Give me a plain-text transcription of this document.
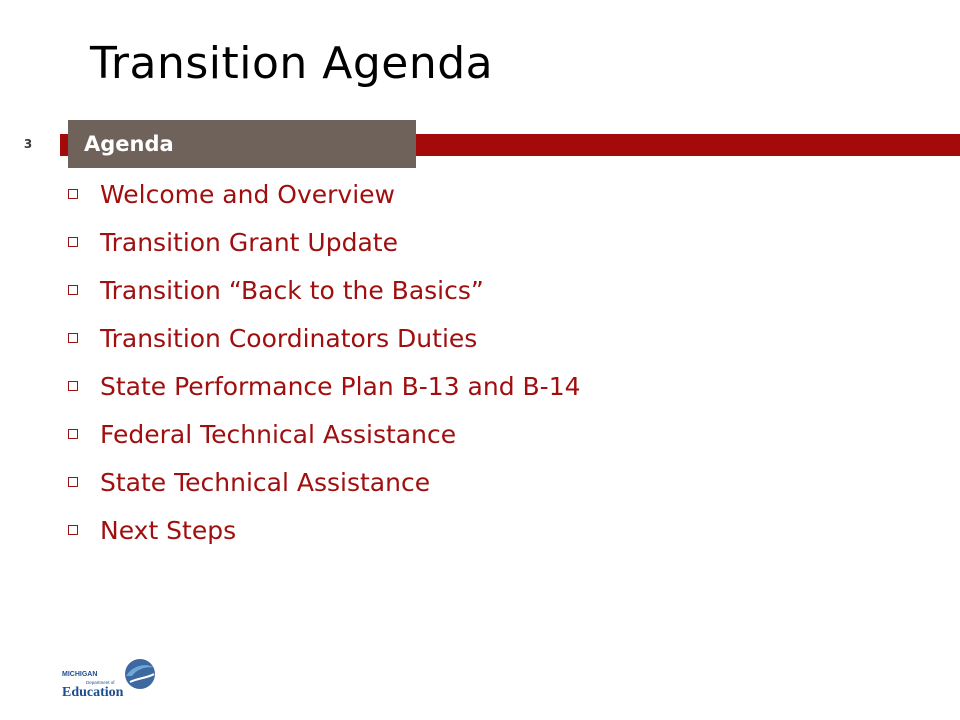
Transition Agenda
3	Agenda
Welcome and Overview
Transition Grant Update
Transition “Back to the Basics”
Transition Coordinators Duties
State Performance Plan B-13 and B-14
Federal Technical Assistance
State Technical Assistance
Next Steps
MICHIGAN
Department of
Education
